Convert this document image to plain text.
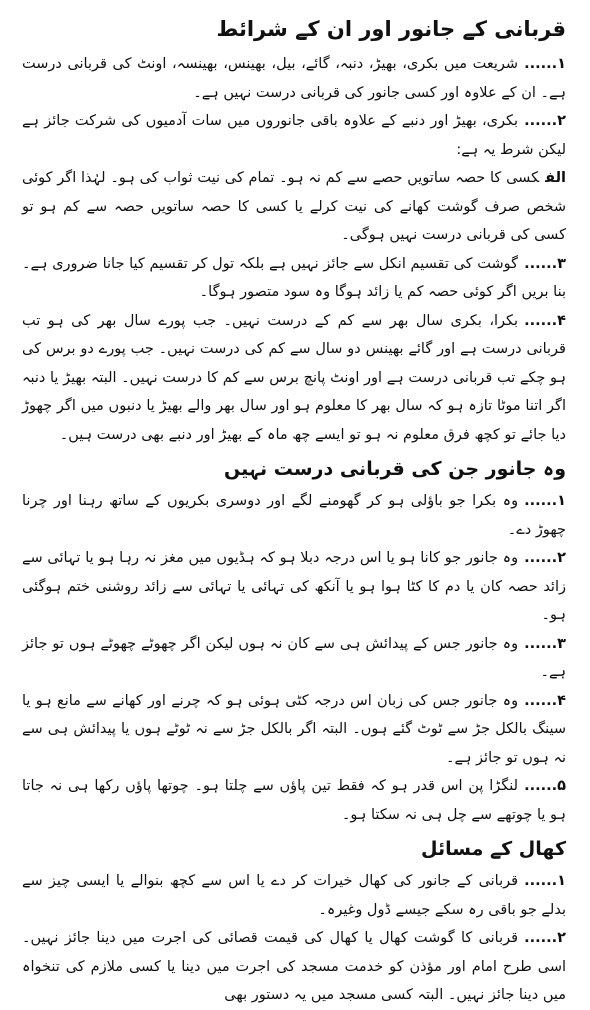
قربانی کے جانور اور ان کے شرائط

۱......شریعت میں بکری، بھیڑ، دنبہ، گائے، بیل، بھینس، بھینسہ، اونٹ کی قربانی درست ہے۔ ان کے علاوہ اور کسی جانور کی قربانی درست نہیں ہے۔

۲......بکری، بھیڑ اور دنبے کے علاوہ باقی جانوروں میں سات آدمیوں کی شرکت جائز ہے لیکن شرط یہ ہے:

الفکسی کا حصہ ساتویں حصے سے کم نہ ہو۔ تمام کی نیت ثواب کی ہو۔ لہٰذا اگر کوئی شخص صرف گوشت کھانے کی نیت کرلے یا کسی کا حصہ ساتویں حصہ سے کم ہو تو کسی کی قربانی درست نہیں ہوگی۔

۳......گوشت کی تقسیم انکل سے جائز نہیں ہے بلکہ تول کر تقسیم کیا جانا ضروری ہے۔ بنا بریں اگر کوئی حصہ کم یا زائد ہوگا وہ سود متصور ہوگا۔

۴......بکرا، بکری سال بھر سے کم کے درست نہیں۔ جب پورے سال بھر کی ہو تب قربانی درست ہے اور گائے بھینس دو سال سے کم کی درست نہیں۔ جب پورے دو برس کی ہو چکے تب قربانی درست ہے اور اونٹ پانچ برس سے کم کا درست نہیں۔ البتہ بھیڑ یا دنبہ اگر اتنا موٹا تازہ ہو کہ سال بھر کا معلوم ہو اور سال بھر والے بھیڑ یا دنبوں میں اگر چھوڑ دیا جائے تو کچھ فرق معلوم نہ ہو تو ایسے چھ ماہ کے بھیڑ اور دنبے بھی درست ہیں۔

وہ جانور جن کی قربانی درست نہیں

۱......وہ بکرا جو باؤلی ہو کر گھومنے لگے اور دوسری بکریوں کے ساتھ رہنا اور چرنا چھوڑ دے۔

۲......وہ جانور جو کانا ہو یا اس درجہ دبلا ہو کہ ہڈیوں میں مغز نہ رہا ہو یا تہائی سے زائد حصہ کان یا دم کا کٹا ہوا ہو یا آنکھ کی تہائی یا تہائی سے زائد روشنی ختم ہوگئی ہو۔

۳......وہ جانور جس کے پیدائش ہی سے کان نہ ہوں لیکن اگر چھوٹے چھوٹے ہوں تو جائز ہے۔

۴......وہ جانور جس کی زبان اس درجہ کٹی ہوئی ہو کہ چرنے اور کھانے سے مانع ہو یا سینگ بالکل جڑ سے ٹوٹ گئے ہوں۔ البتہ اگر بالکل جڑ سے نہ ٹوٹے ہوں یا پیدائش ہی سے نہ ہوں تو جائز ہے۔

۵......لنگڑا پن اس قدر ہو کہ فقط تین پاؤں سے چلتا ہو۔ چوتھا پاؤں رکھا ہی نہ جاتا ہو یا چوتھے سے چل ہی نہ سکتا ہو۔

کھال کے مسائل

۱......قربانی کے جانور کی کھال خیرات کر دے یا اس سے کچھ بنوالے یا ایسی چیز سے بدلے جو باقی رہ سکے جیسے ڈول وغیرہ۔

۲......قربانی کا گوشت کھال یا کھال کی قیمت قصائی کی اجرت میں دینا جائز نہیں۔ اسی طرح امام اور مؤذن کو خدمت مسجد کی اجرت میں دینا یا کسی ملازم کی تنخواہ میں دینا جائز نہیں۔ البتہ کسی مسجد میں یہ دستور بھی
